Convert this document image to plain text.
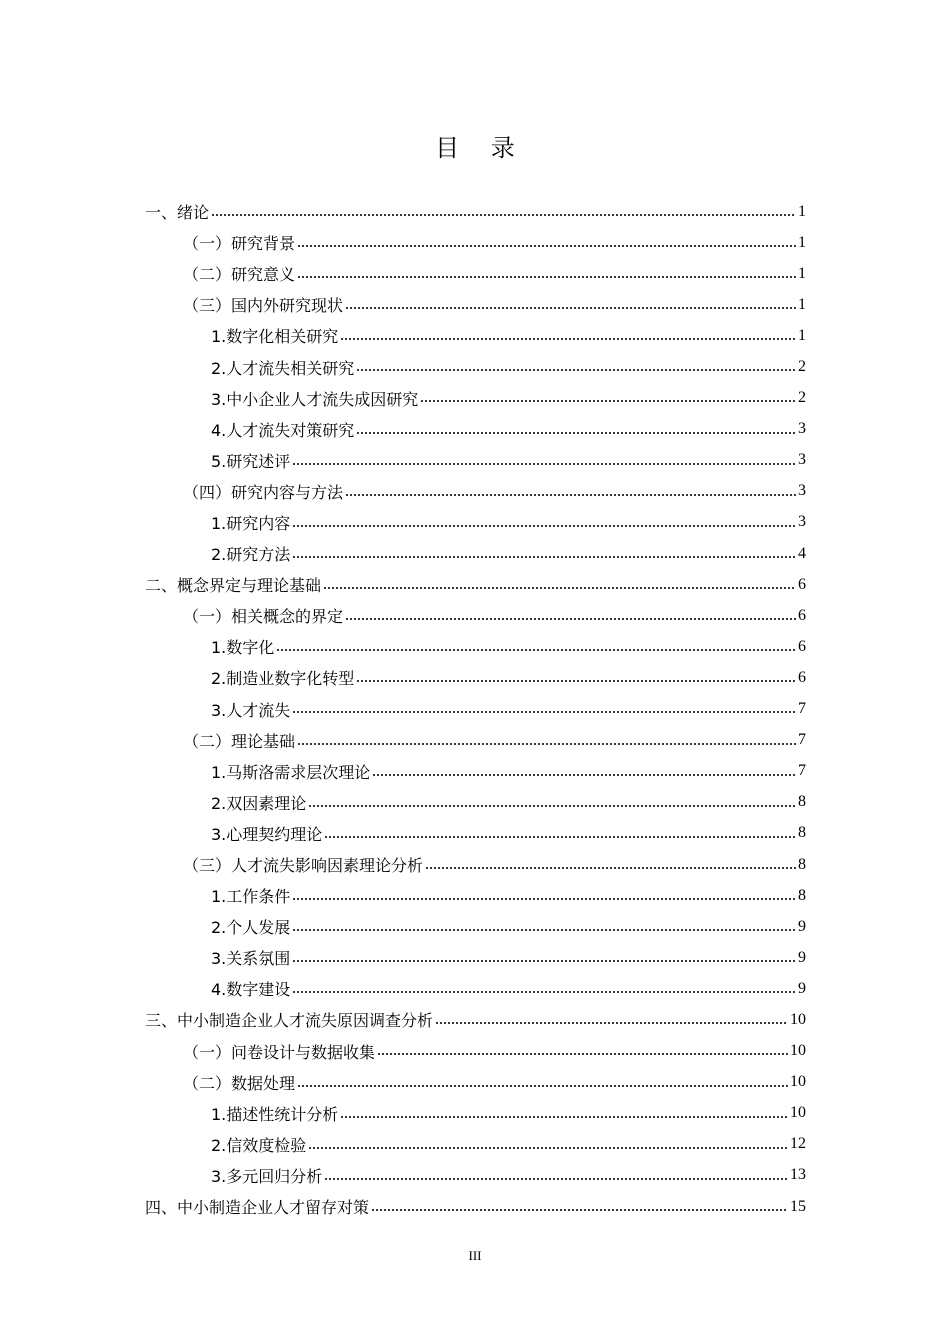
目 录
一、绪论	1
（一）研究背景	1
（二）研究意义	1
（三）国内外研究现状	1
1.数字化相关研究	1
2.人才流失相关研究	2
3.中小企业人才流失成因研究	2
4.人才流失对策研究	3
5.研究述评	3
（四）研究内容与方法	3
1.研究内容	3
2.研究方法	4
二、概念界定与理论基础	6
（一）相关概念的界定	6
1.数字化	6
2.制造业数字化转型	6
3.人才流失	7
（二）理论基础	7
1.马斯洛需求层次理论	7
2.双因素理论	8
3.心理契约理论	8
（三）人才流失影响因素理论分析	8
1.工作条件	8
2.个人发展	9
3.关系氛围	9
4.数字建设	9
三、中小制造企业人才流失原因调查分析	10
（一）问卷设计与数据收集	10
（二）数据处理	10
1.描述性统计分析	10
2.信效度检验	12
3.多元回归分析	13
四、中小制造企业人才留存对策	15
III
